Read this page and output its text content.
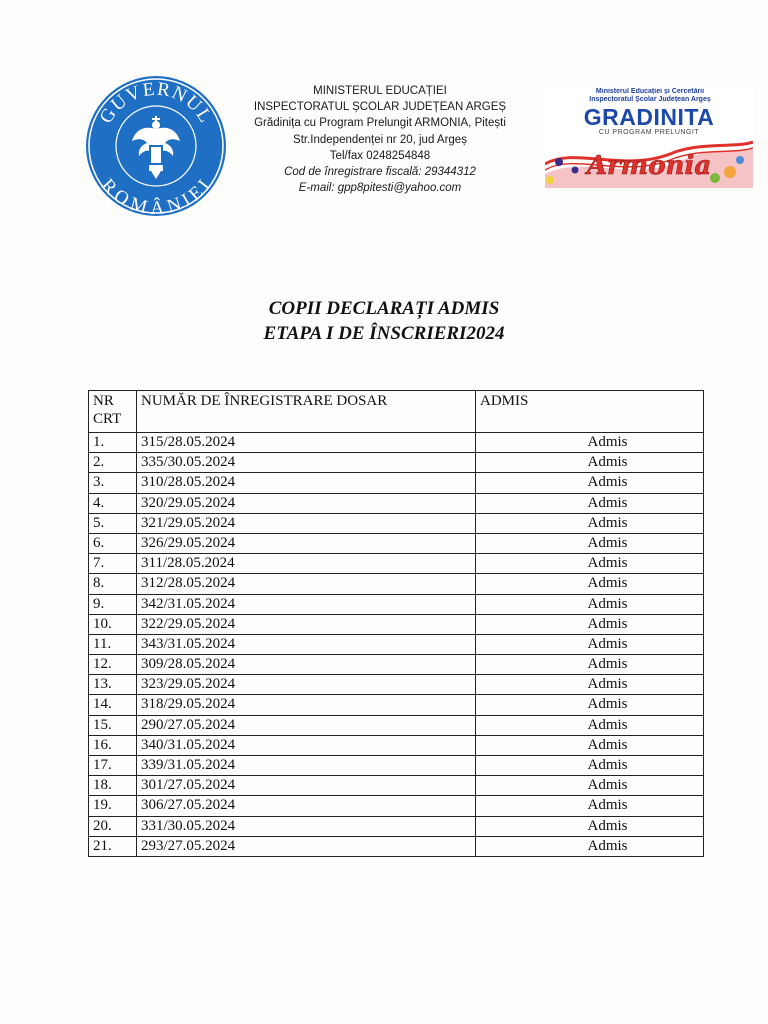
GUVERNUL
ROMÂNIEI
MINISTERUL EDUCAȚIEI
INSPECTORATUL ȘCOLAR JUDEȚEAN ARGEȘ
Grădinița cu Program Prelungit ARMONIA, Pitești
Str.Independenței nr 20, jud Argeș
Tel/fax 0248254848
Cod de înregistrare fiscală: 29344312
E-mail: gpp8pitesti@yahoo.com
Ministerul Educației și Cercetării
Inspectoratul Școlar Județean Argeș
GRADINITA
CU PROGRAM PRELUNGIT
Armonia
COPII DECLARAȚI ADMIS
ETAPA I DE ÎNSCRIERI2024
NR CRT	NUMĂR DE ÎNREGISTRARE DOSAR	ADMIS
1.	315/28.05.2024	Admis
2.	335/30.05.2024	Admis
3.	310/28.05.2024	Admis
4.	320/29.05.2024	Admis
5.	321/29.05.2024	Admis
6.	326/29.05.2024	Admis
7.	311/28.05.2024	Admis
8.	312/28.05.2024	Admis
9.	342/31.05.2024	Admis
10.	322/29.05.2024	Admis
11.	343/31.05.2024	Admis
12.	309/28.05.2024	Admis
13.	323/29.05.2024	Admis
14.	318/29.05.2024	Admis
15.	290/27.05.2024	Admis
16.	340/31.05.2024	Admis
17.	339/31.05.2024	Admis
18.	301/27.05.2024	Admis
19.	306/27.05.2024	Admis
20.	331/30.05.2024	Admis
21.	293/27.05.2024	Admis
